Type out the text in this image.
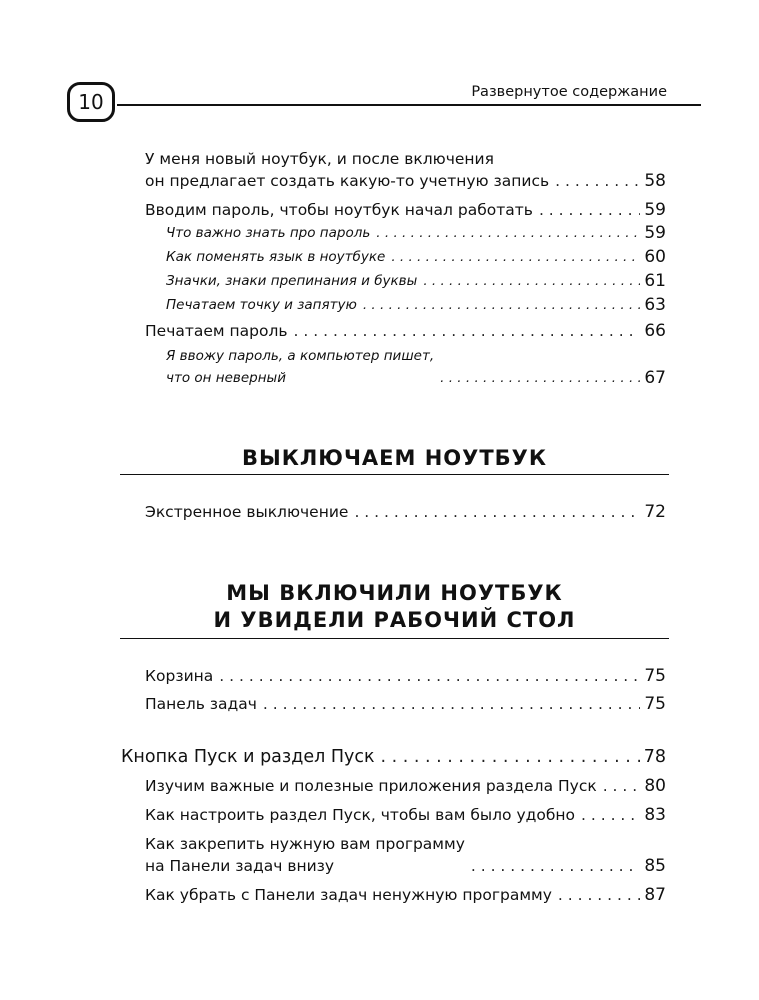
10	Развернутое содержание
У меня новый ноутбук, и после включения
он предлагает создать какую-то учетную запись . . .	58
Вводим пароль, чтобы ноутбук начал работать . . .	59
Что важно знать про пароль . . .	59
Как поменять язык в ноутбуке . . .	60
Значки, знаки препинания и буквы . . .	61
Печатаем точку и запятую . . .	63
Печатаем пароль . . .	66
Я ввожу пароль, а компьютер пишет,
что он неверный . . .	67
ВЫКЛЮЧАЕМ НОУТБУК
Экстренное выключение . . .	72
МЫ ВКЛЮЧИЛИ НОУТБУК
И УВИДЕЛИ РАБОЧИЙ СТОЛ
Корзина . . .	75
Панель задач . . .	75
Кнопка Пуск и раздел Пуск . . .	78
Изучим важные и полезные приложения раздела Пуск . . .	80
Как настроить раздел Пуск, чтобы вам было удобно . . .	83
Как закрепить нужную вам программу
на Панели задач внизу . . .	85
Как убрать с Панели задач ненужную программу . . .	87
